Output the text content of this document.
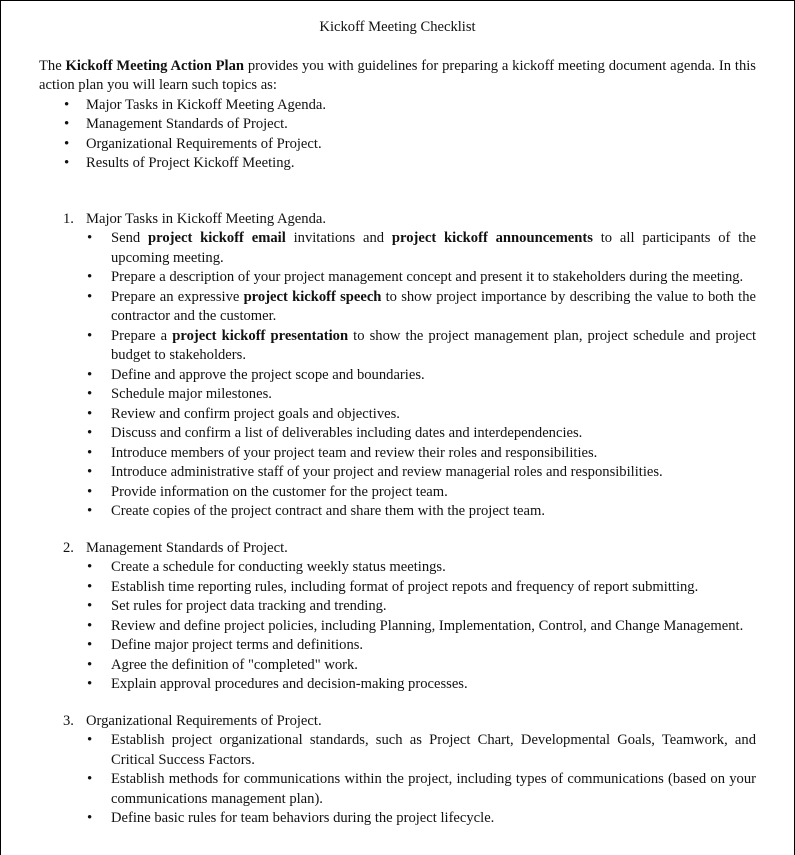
Kickoff Meeting Checklist

The Kickoff Meeting Action Plan provides you with guidelines for preparing a kickoff meeting document agenda. In this action plan you will learn such topics as:

• Major Tasks in Kickoff Meeting Agenda.
• Management Standards of Project.
• Organizational Requirements of Project.
• Results of Project Kickoff Meeting.
1. Major Tasks in Kickoff Meeting Agenda.
• Send project kickoff email invitations and project kickoff announcements to all participants of the upcoming meeting.
• Prepare a description of your project management concept and present it to stakeholders during the meeting.
• Prepare an expressive project kickoff speech to show project importance by describing the value to both the contractor and the customer.
• Prepare a project kickoff presentation to show the project management plan, project schedule and project budget to stakeholders.
• Define and approve the project scope and boundaries.
• Schedule major milestones.
• Review and confirm project goals and objectives.
• Discuss and confirm a list of deliverables including dates and interdependencies.
• Introduce members of your project team and review their roles and responsibilities.
• Introduce administrative staff of your project and review managerial roles and responsibilities.
• Provide information on the customer for the project team.
• Create copies of the project contract and share them with the project team.
2. Management Standards of Project.
• Create a schedule for conducting weekly status meetings.
• Establish time reporting rules, including format of project repots and frequency of report submitting.
• Set rules for project data tracking and trending.
• Review and define project policies, including Planning, Implementation, Control, and Change Management.
• Define major project terms and definitions.
• Agree the definition of "completed" work.
• Explain approval procedures and decision-making processes.
3. Organizational Requirements of Project.
• Establish project organizational standards, such as Project Chart, Developmental Goals, Teamwork, and Critical Success Factors.
• Establish methods for communications within the project, including types of communications (based on your communications management plan).
• Define basic rules for team behaviors during the project lifecycle.
